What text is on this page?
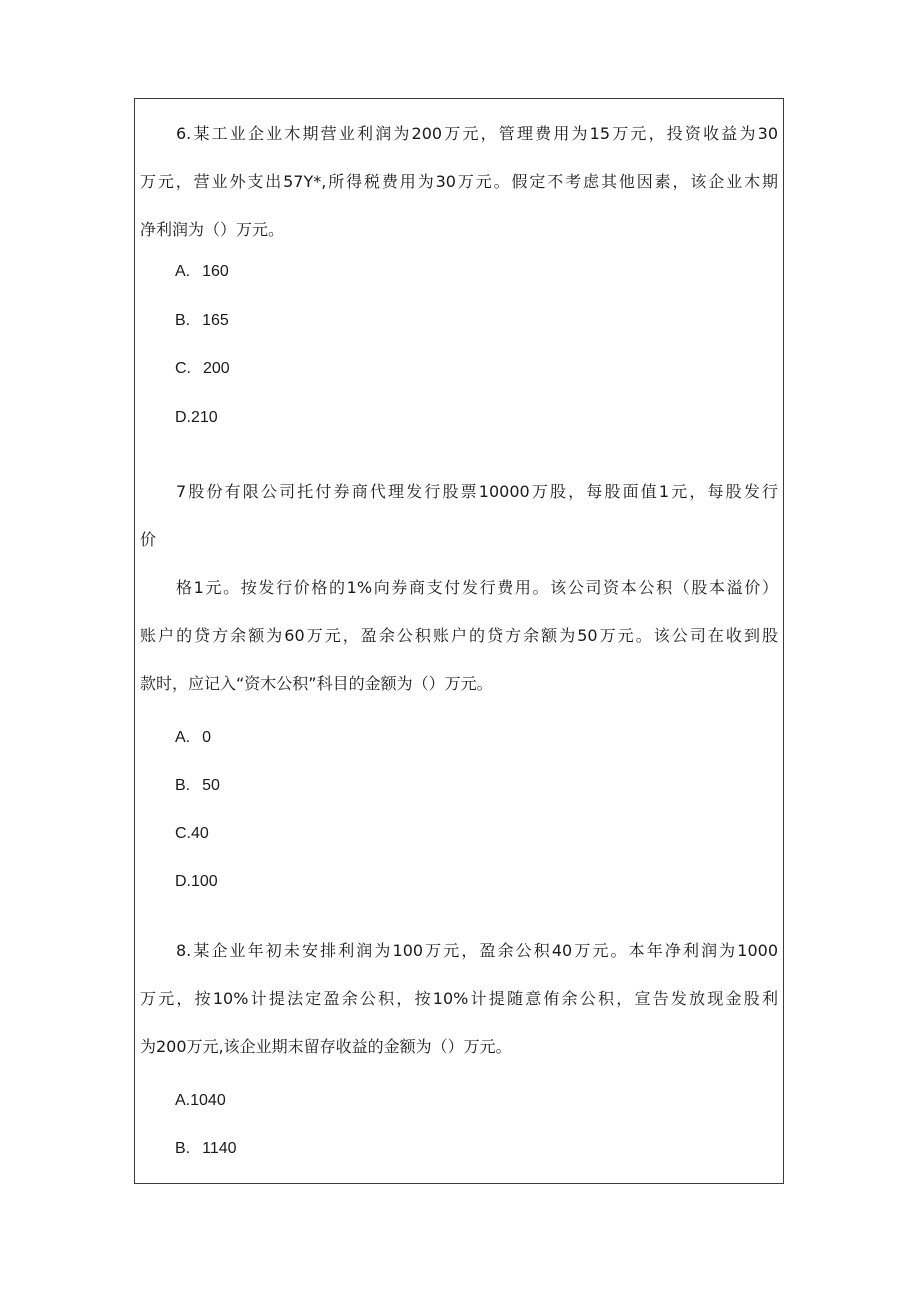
6.某工业企业木期营业利润为200万元，管理费用为15万元，投资收益为30
万元，营业外支出57Y*,所得税费用为30万元。假定不考虑其他因素，该企业木期
净利润为（）万元。
A. 160
B. 165
C. 200
D.210
7股份有限公司托付券商代理发行股票10000万股，每股面值1元，每股发行
价
格1元。按发行价格的1%向券商支付发行费用。该公司资本公积（股本溢价）
账户的贷方余额为60万元，盈余公积账户的贷方余额为50万元。该公司在收到股
款时，应记入“资木公积”科目的金额为（）万元。
A. 0
B. 50
C.40
D.100
8.某企业年初未安排利润为100万元，盈余公积40万元。本年净利润为1000
万元，按10%计提法定盈余公积，按10%计提随意侑余公积，宣告发放现金股利
为200万元,该企业期末留存收益的金额为（）万元。
A.1040
B. 1140
